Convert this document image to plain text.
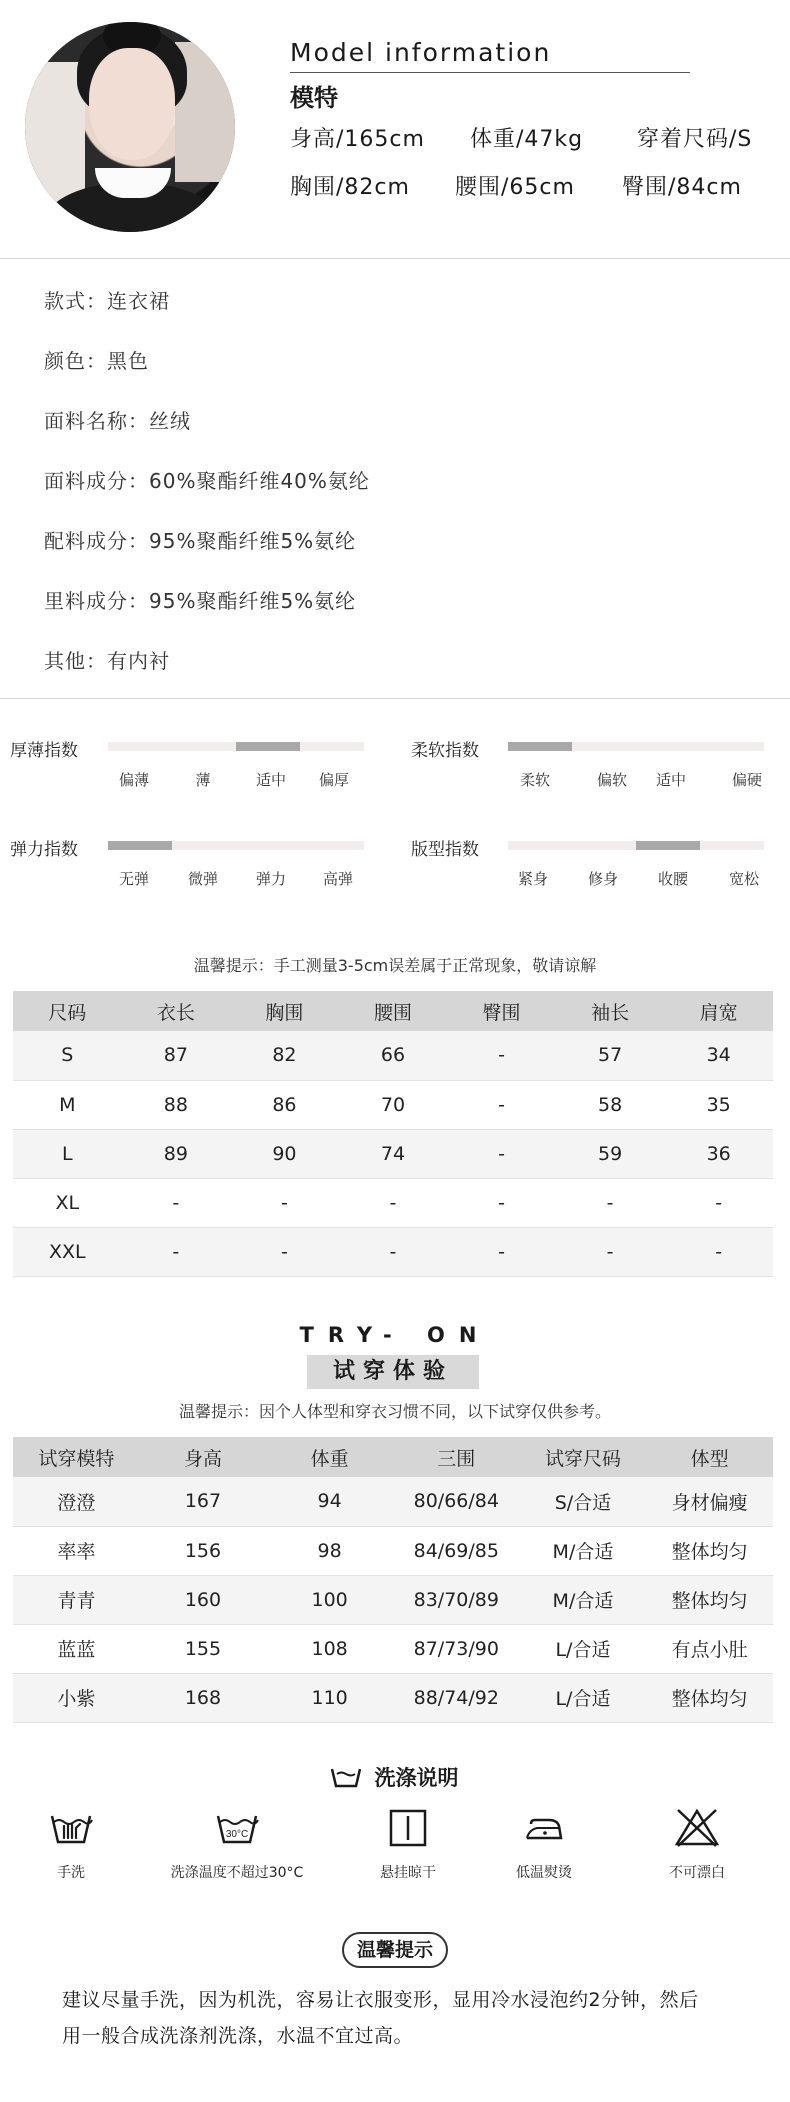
Model information
模特
身高/165cm 体重/47kg 穿着尺码/S
胸围/82cm 腰围/65cm 臀围/84cm
款式：连衣裙
颜色：黑色
面料名称：丝绒
面料成分：60%聚酯纤维40%氨纶
配料成分：95%聚酯纤维5%氨纶
里料成分：95%聚酯纤维5%氨纶
其他：有内衬
厚薄指数
偏薄	薄	适中 偏厚
柔软指数
柔软	偏软 适中	偏硬
弹力指数
无弹	微弹	弹力 高弹
版型指数
紧身	修身	收腰	宽松
温馨提示：手工测量3-5cm误差属于正常现象，敬请谅解
尺码	衣长	胸围	腰围	臀围	袖长	肩宽
S	87	82	66	-	57	34
M	88	86	70	-	58	35
L	89	90	74	-	59	36
XL	-	-	-	-	-	-
XXL	-	-	-	-	-	-
TRY- ON
试穿体验
温馨提示：因个人体型和穿衣习惯不同，以下试穿仅供参考。
试穿模特	身高	体重	三围	试穿尺码	体型
澄澄	167	94	80/66/84	S/合适	身材偏瘦
率率	156	98	84/69/85	M/合适	整体均匀
青青	160	100	83/70/89	M/合适	整体均匀
蓝蓝	155	108	87/73/90	L/合适	有点小肚
小紫	168	110	88/74/92	L/合适	整体均匀
洗涤说明
手洗
30°C
洗涤温度不超过30°C	悬挂晾干	低温熨烫	不可漂白
温馨提示
建议尽量手洗，因为机洗，容易让衣服变形，显用冷水浸泡约2分钟，然后
用一般合成洗涤剂洗涤，水温不宜过高。
